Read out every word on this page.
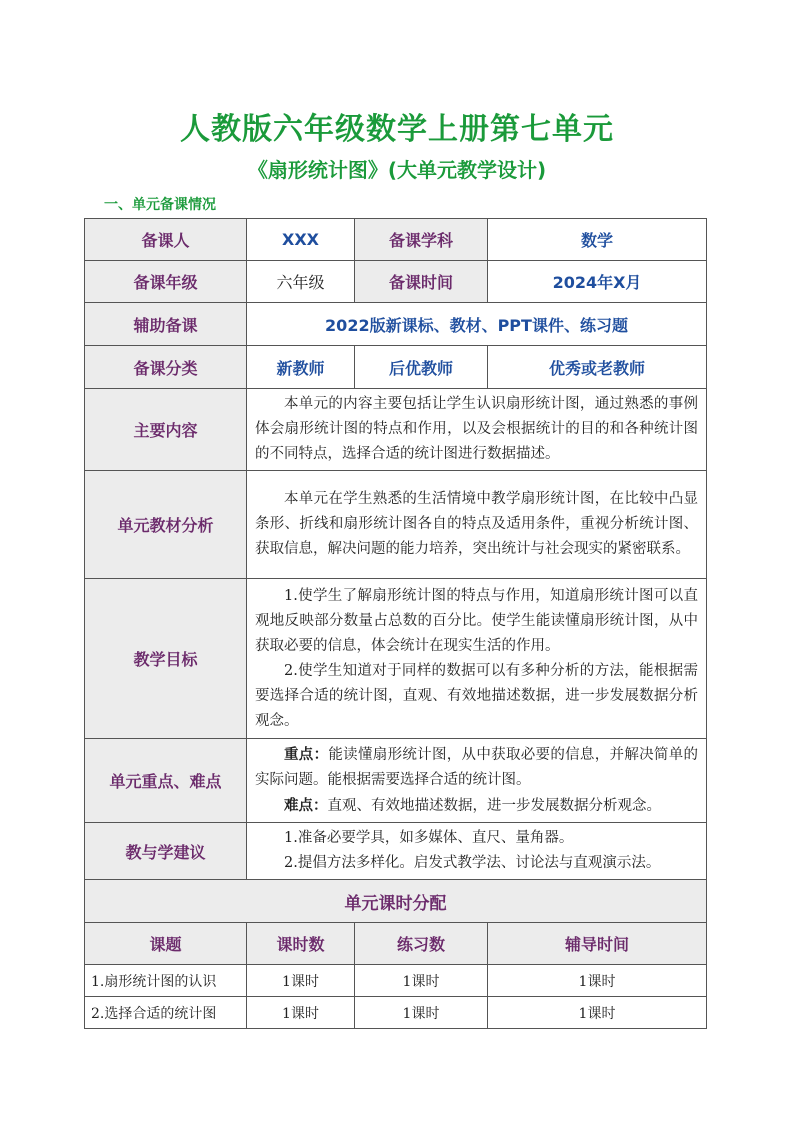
人教版六年级数学上册第七单元
《扇形统计图》(大单元教学设计)
一、单元备课情况
备课人	XXX	备课学科	数学
备课年级	六年级	备课时间	2024年X月
辅助备课	2022版新课标、教材、PPT课件、练习题		
备课分类	新教师	后优教师	优秀或老教师
主要内容	本单元的内容主要包括让学生认识扇形统计图，通过熟悉的事例体会扇形统计图的特点和作用，以及会根据统计的目的和各种统计图的不同特点，选择合适的统计图进行数据描述。		

单元教材分析	本单元在学生熟悉的生活情境中教学扇形统计图，在比较中凸显条形、折线和扇形统计图各自的特点及适用条件，重视分析统计图、获取信息，解决问题的能力培养，突出统计与社会现实的紧密联系。		

教学目标	1.使学生了解扇形统计图的特点与作用，知道扇形统计图可以直观地反映部分数量占总数的百分比。使学生能读懂扇形统计图，从中获取必要的信息，体会统计在现实生活的作用。

2.使学生知道对于同样的数据可以有多种分析的方法，能根据需要选择合适的统计图，直观、有效地描述数据，进一步发展数据分析观念。		

单元重点、难点	重点：能读懂扇形统计图，从中获取必要的信息，并解决简单的实际问题。能根据需要选择合适的统计图。

难点：直观、有效地描述数据，进一步发展数据分析观念。		

教与学建议	1.准备必要学具，如多媒体、直尺、量角器。

2.提倡方法多样化。启发式教学法、讨论法与直观演示法。		

单元课时分配			
课题	课时数	练习数	辅导时间
1.扇形统计图的认识	1课时	1课时	1课时
2.选择合适的统计图	1课时	1课时	1课时
